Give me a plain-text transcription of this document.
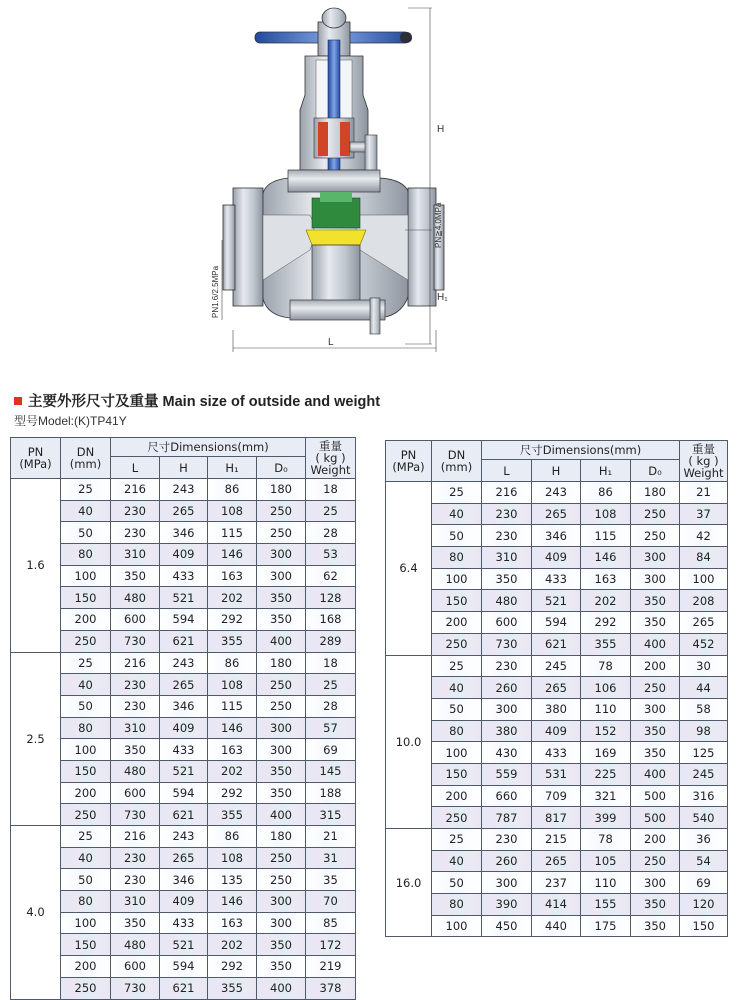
H
H₁
L
PN≧4.0MPa
PN1.6/2.5MPa
主要外形尺寸及重量 Main size of outside and weight
型号Model:(K)TP41Y
PN
(MPa)	DN
(mm)	尺寸Dimensions(mm)				重量
( kg )
Weight

		L	H	H₁	D₀	
1.6	25	216	243	86	180	18
	40	230	265	108	250	25
	50	230	346	115	250	28
	80	310	409	146	300	53
	100	350	433	163	300	62
	150	480	521	202	350	128
	200	600	594	292	350	168
	250	730	621	355	400	289
2.5	25	216	243	86	180	18
	40	230	265	108	250	25
	50	230	346	115	250	28
	80	310	409	146	300	57
	100	350	433	163	300	69
	150	480	521	202	350	145
	200	600	594	292	350	188
	250	730	621	355	400	315
4.0	25	216	243	86	180	21
	40	230	265	108	250	31
	50	230	346	135	250	35
	80	310	409	146	300	70
	100	350	433	163	300	85
	150	480	521	202	350	172
	200	600	594	292	350	219
	250	730	621	355	400	378
PN
(MPa)	DN
(mm)	尺寸Dimensions(mm)				重量
( kg )
Weight

		L	H	H₁	D₀	
6.4	25	216	243	86	180	21
	40	230	265	108	250	37
	50	230	346	115	250	42
	80	310	409	146	300	84
	100	350	433	163	300	100
	150	480	521	202	350	208
	200	600	594	292	350	265
	250	730	621	355	400	452
10.0	25	230	245	78	200	30
	40	260	265	106	250	44
	50	300	380	110	300	58
	80	380	409	152	350	98
	100	430	433	169	350	125
	150	559	531	225	400	245
	200	660	709	321	500	316
	250	787	817	399	500	540
16.0	25	230	215	78	200	36
	40	260	265	105	250	54
	50	300	237	110	300	69
	80	390	414	155	350	120
	100	450	440	175	350	150
